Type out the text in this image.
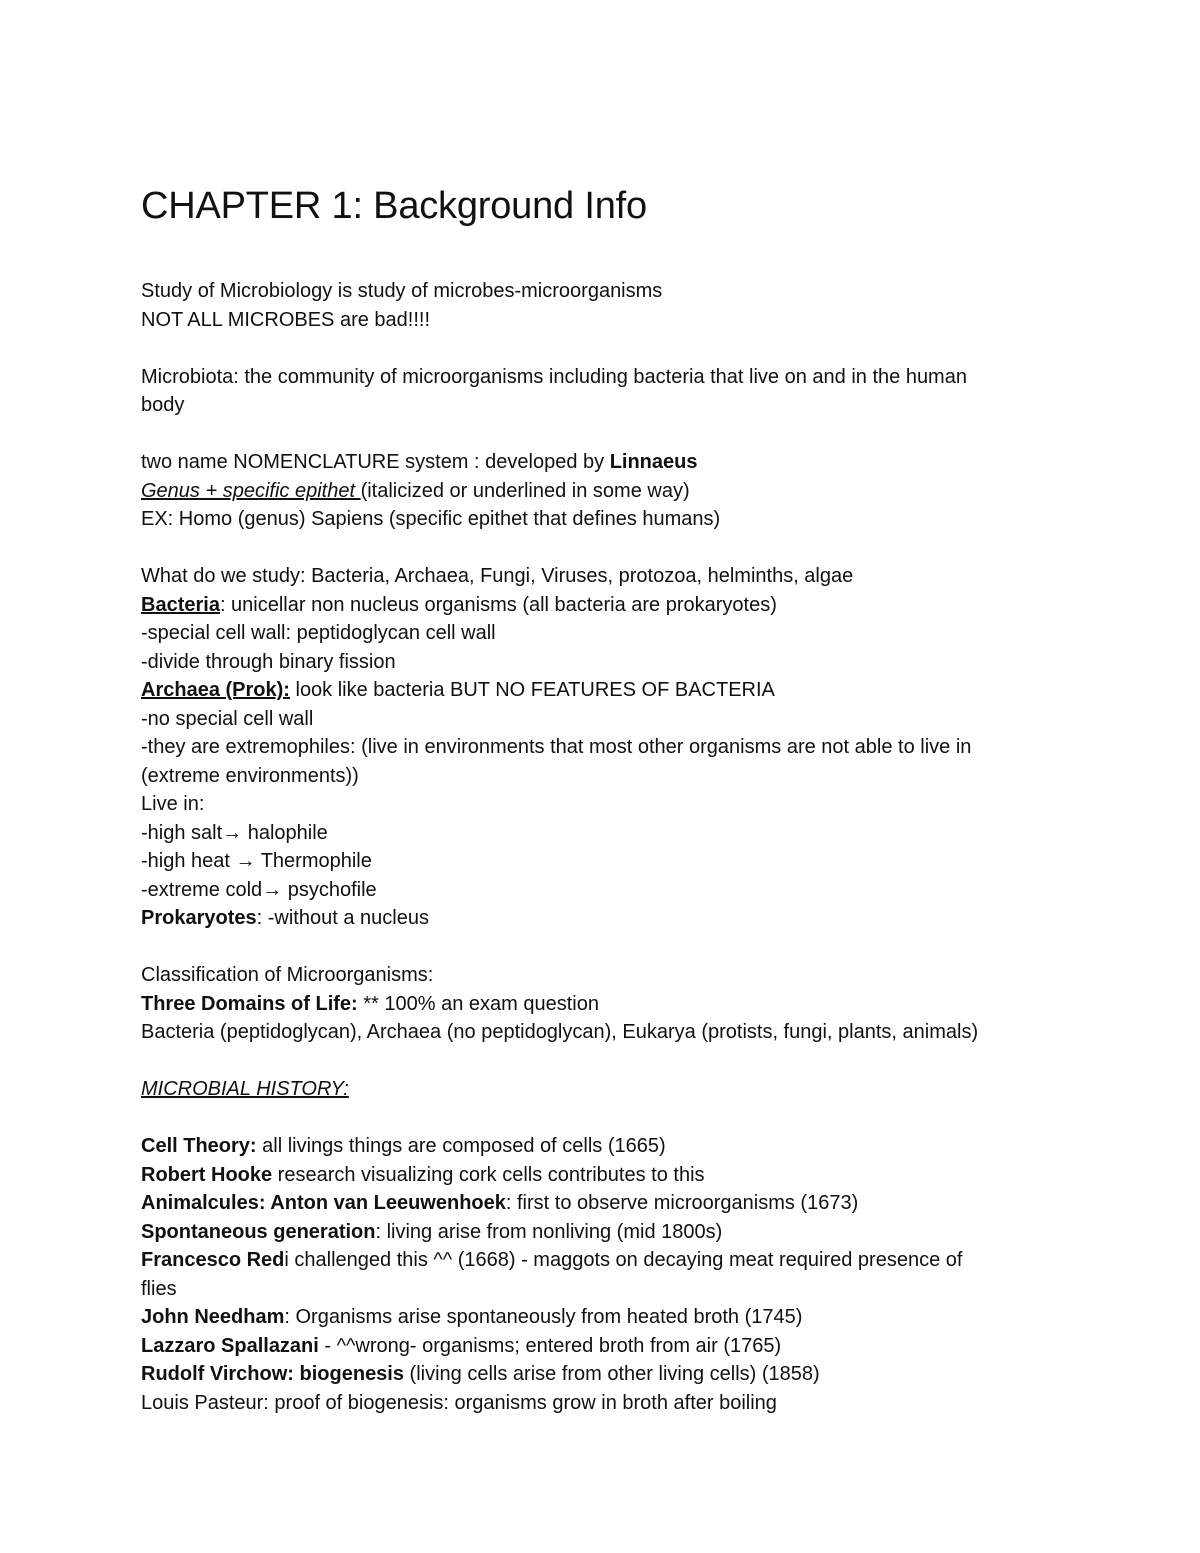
CHAPTER 1: Background Info
Study of Microbiology is study of microbes-microorganisms
NOT ALL MICROBES are bad!!!!
Microbiota: the community of microorganisms including bacteria that live on and in the human
body
two name NOMENCLATURE system : developed by Linnaeus
Genus + specific epithet (italicized or underlined in some way)
EX: Homo (genus) Sapiens (specific epithet that defines humans)
What do we study: Bacteria, Archaea, Fungi, Viruses, protozoa, helminths, algae
Bacteria: unicellar non nucleus organisms (all bacteria are prokaryotes)
-special cell wall: peptidoglycan cell wall
-divide through binary fission
Archaea (Prok): look like bacteria BUT NO FEATURES OF BACTERIA
-no special cell wall
-they are extremophiles: (live in environments that most other organisms are not able to live in
(extreme environments))
Live in:
-high salt→ halophile
-high heat → Thermophile
-extreme cold→ psychofile
Prokaryotes: -without a nucleus
Classification of Microorganisms:
Three Domains of Life: ** 100% an exam question
Bacteria (peptidoglycan), Archaea (no peptidoglycan), Eukarya (protists, fungi, plants, animals)
MICROBIAL HISTORY:
Cell Theory: all livings things are composed of cells (1665)
Robert Hooke research visualizing cork cells contributes to this
Animalcules: Anton van Leeuwenhoek: first to observe microorganisms (1673)
Spontaneous generation: living arise from nonliving (mid 1800s)
Francesco Redi challenged this ^^ (1668) - maggots on decaying meat required presence of
flies
John Needham: Organisms arise spontaneously from heated broth (1745)
Lazzaro Spallazani - ^^wrong- organisms; entered broth from air (1765)
Rudolf Virchow: biogenesis (living cells arise from other living cells) (1858)
Louis Pasteur: proof of biogenesis: organisms grow in broth after boiling
